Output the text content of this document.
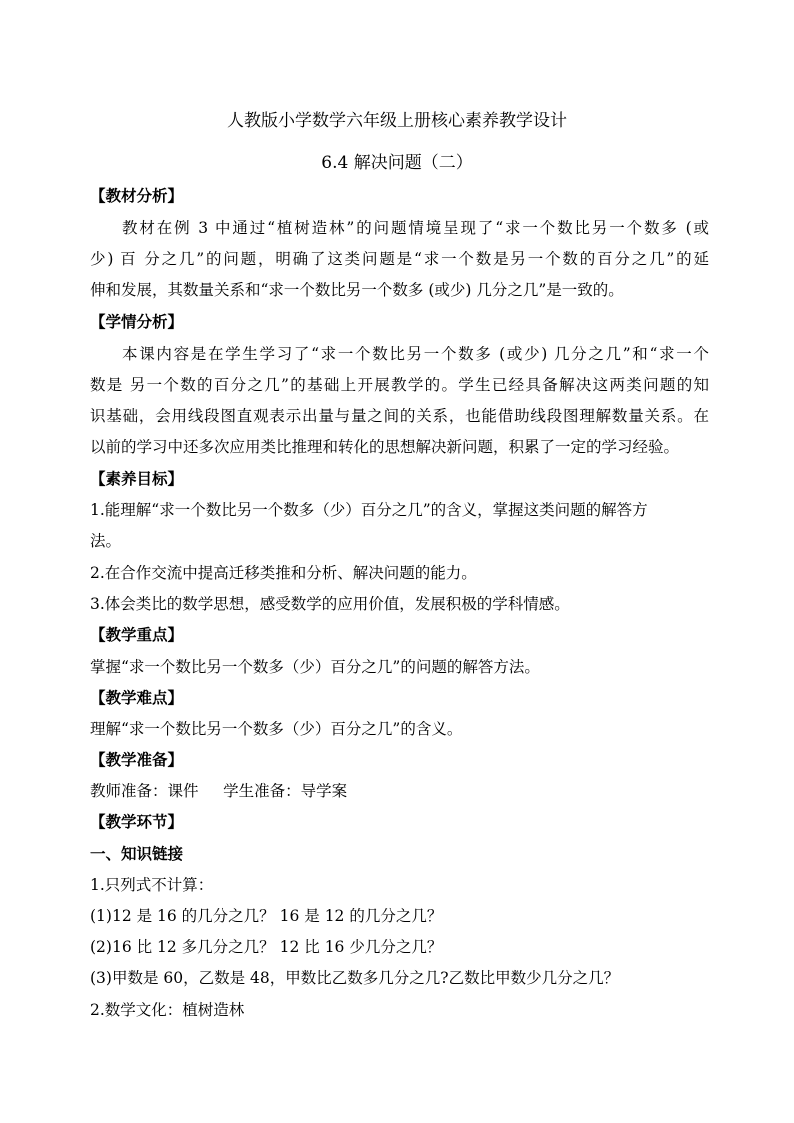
人教版小学数学六年级上册核心素养教学设计
6.4 解决问题（二）
【教材分析】
教材在例 3 中通过“植树造林”的问题情境呈现了“求一个数比另一个数多 (或
少) 百 分之几”的问题，明确了这类问题是“求一个数是另一个数的百分之几”的延
伸和发展，其数量关系和“求一个数比另一个数多 (或少) 几分之几”是一致的。
【学情分析】
本课内容是在学生学习了“求一个数比另一个数多 (或少) 几分之几”和“求一个
数是 另一个数的百分之几”的基础上开展教学的。学生已经具备解决这两类问题的知
识基础，会用线段图直观表示出量与量之间的关系，也能借助线段图理解数量关系。在
以前的学习中还多次应用类比推理和转化的思想解决新问题，积累了一定的学习经验。
【素养目标】
1.能理解“求一个数比另一个数多（少）百分之几”的含义，掌握这类问题的解答方
法。
2.在合作交流中提高迁移类推和分析、解决问题的能力。
3.体会类比的数学思想，感受数学的应用价值，发展积极的学科情感。
【教学重点】
掌握“求一个数比另一个数多（少）百分之几”的问题的解答方法。
【教学难点】
理解“求一个数比另一个数多（少）百分之几”的含义。
【教学准备】
教师准备：课件     学生准备：导学案
【教学环节】
一、知识链接
1.只列式不计算：
(1)12 是 16 的几分之几？ 16 是 12 的几分之几？
(2)16 比 12 多几分之几？ 12 比 16 少几分之几？
(3)甲数是 60，乙数是 48，甲数比乙数多几分之几?乙数比甲数少几分之几？
2.数学文化：植树造林
